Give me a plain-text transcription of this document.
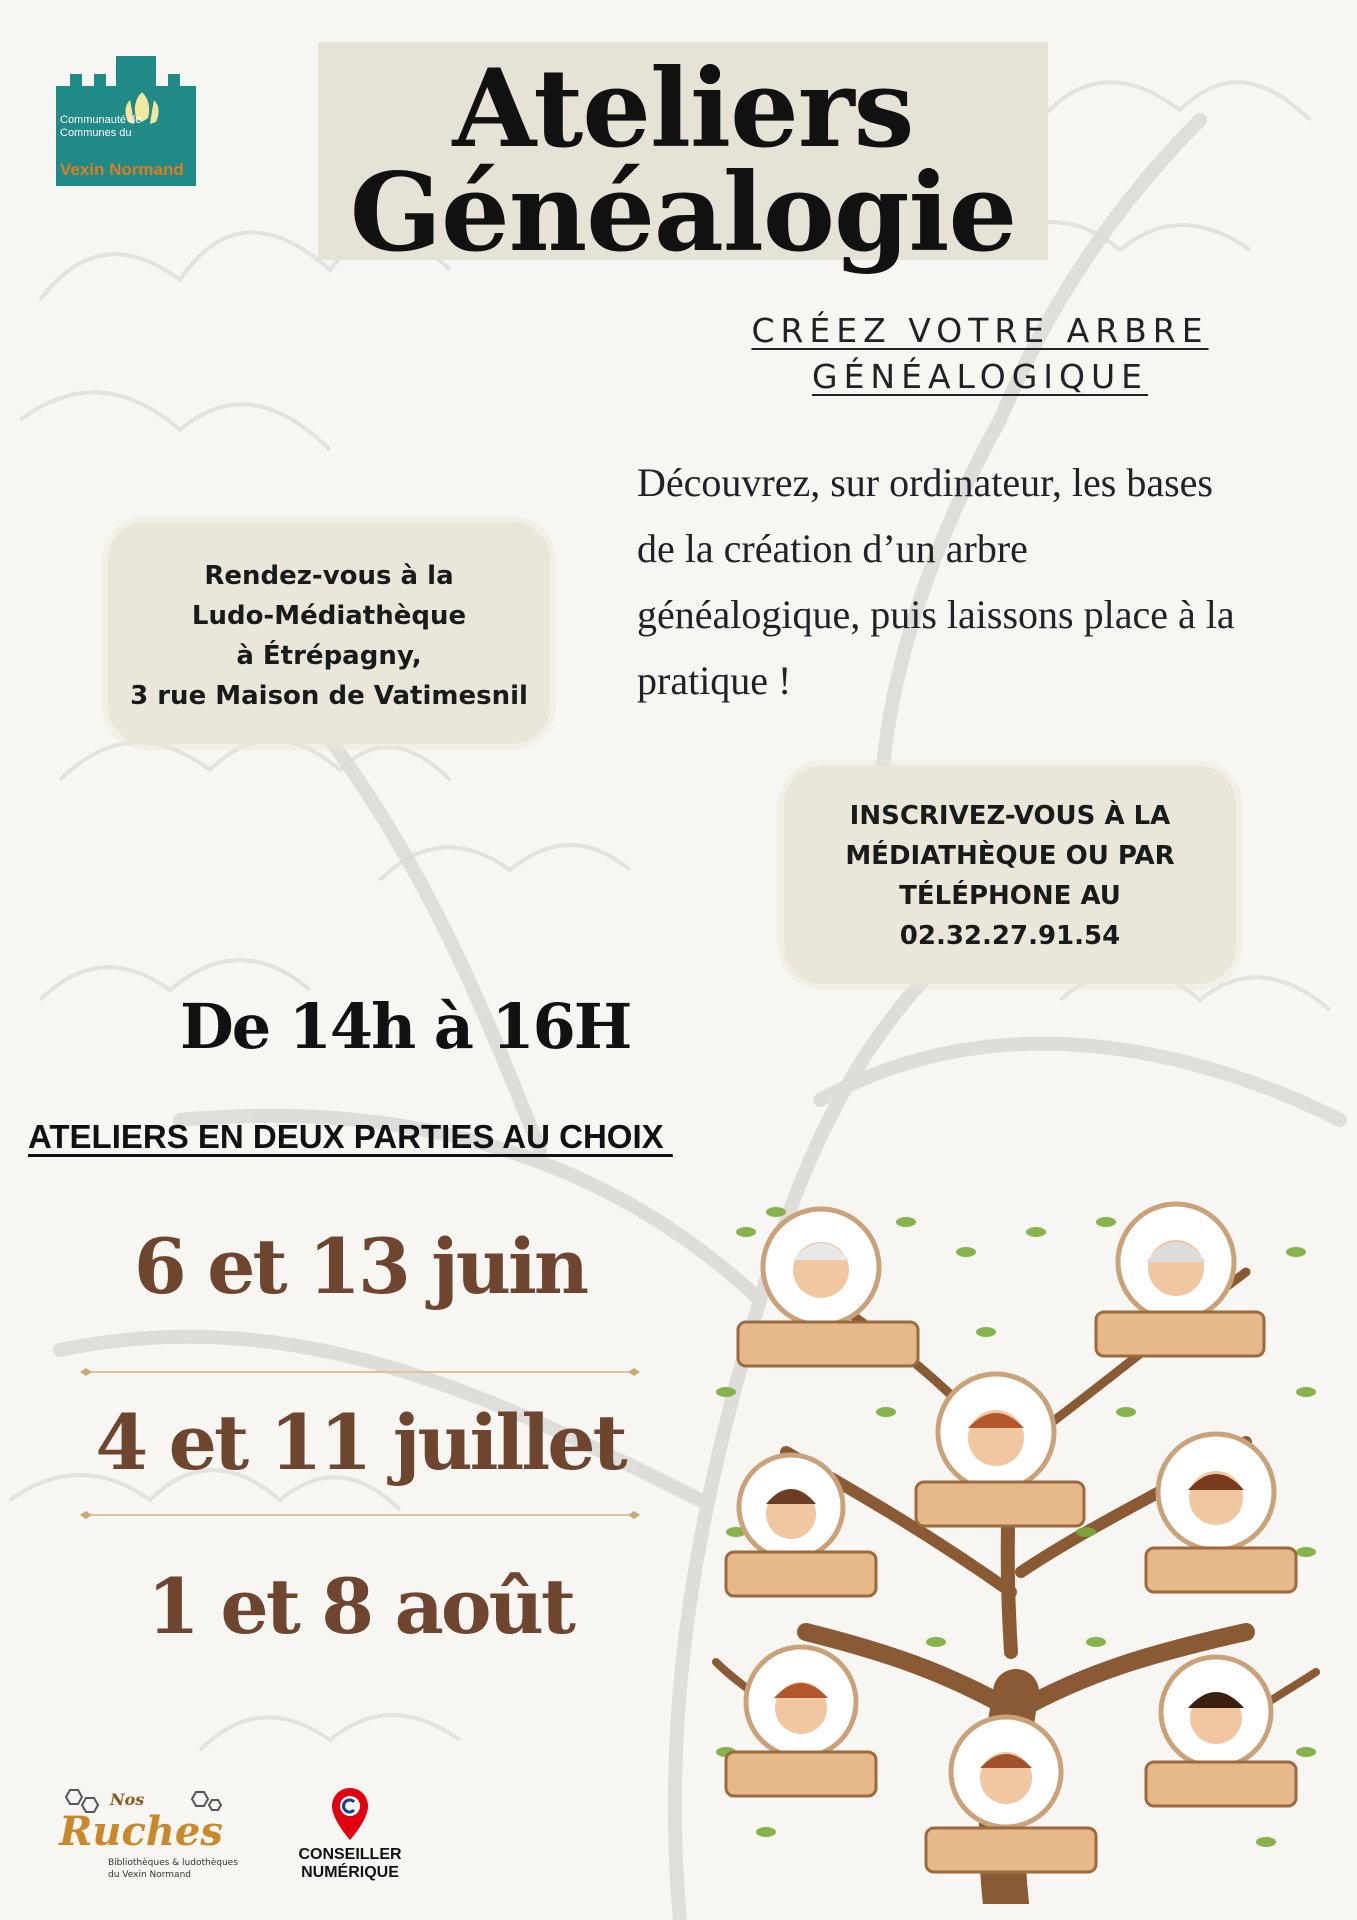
Communauté de
Communes du
Vexin Normand	Ateliers
Généalogie
CRÉEZ VOTRE ARBRE
GÉNÉALOGIQUE
Découvrez, sur ordinateur, les bases
de la création d’un arbre
généalogique, puis laissons place à la
pratique !
Rendez-vous à la
Ludo-Médiathèque
à Étrépagny,
3 rue Maison de Vatimesnil
INSCRIVEZ-VOUS À LA
MÉDIATHÈQUE OU PAR
TÉLÉPHONE AU
02.32.27.91.54
De 14h à 16H
ATELIERS EN DEUX PARTIES AU CHOIX
6 et 13 juin
4 et 11 juillet
1 et 8 août
Nos
Ruches
Bibliothèques & ludothèques
du Vexin Normand
CONSEILLER
NUMÉRIQUE
